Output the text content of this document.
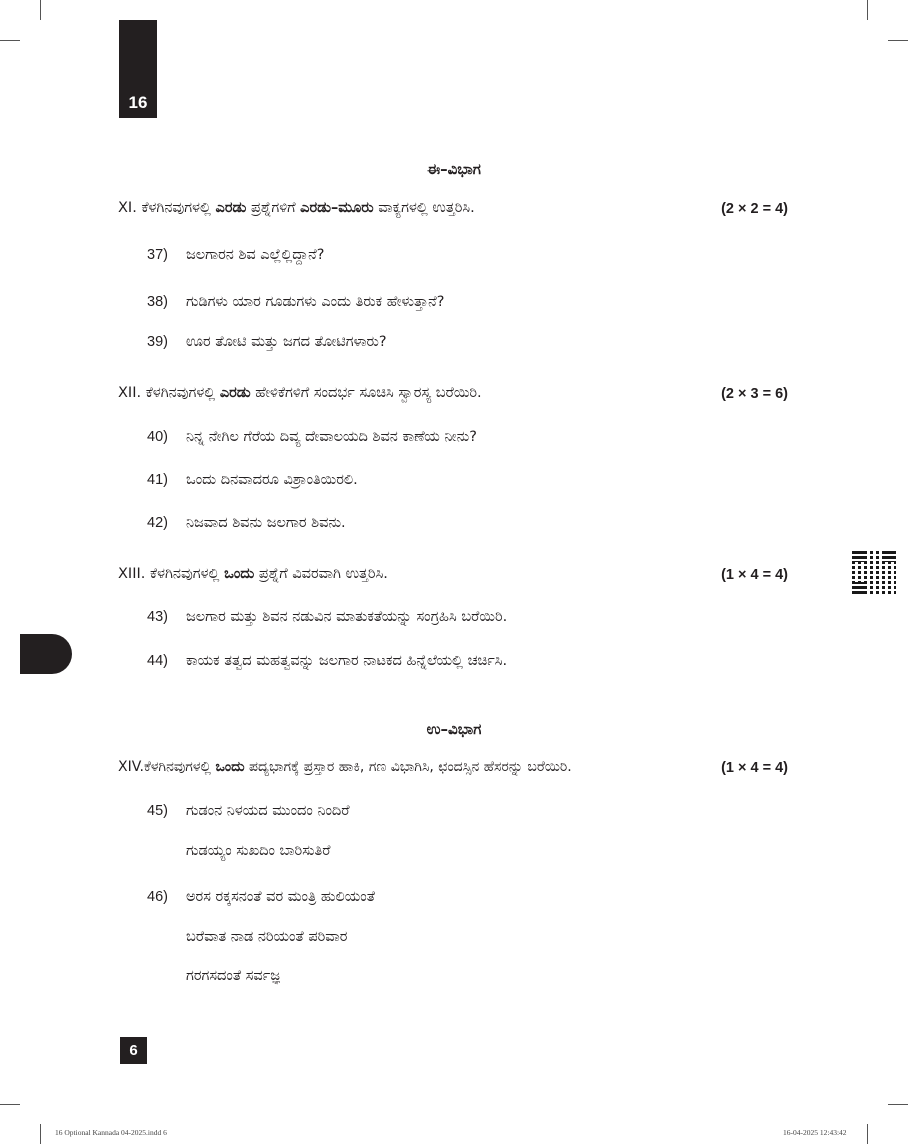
16
ಈ–ವಿಭಾಗ
XI. ಕೆಳಗಿನವುಗಳಲ್ಲಿ ಎರಡು ಪ್ರಶ್ನೆಗಳಿಗೆ ಎರಡು–ಮೂರು ವಾಕ್ಯಗಳಲ್ಲಿ ಉತ್ತರಿಸಿ.	(2 × 2 = 4)
37) ಜಲಗಾರನ ಶಿವ ಎಲ್ಲೆಲ್ಲಿದ್ದಾನೆ?
38) ಗುಡಿಗಳು ಯಾರ ಗೂಡುಗಳು ಎಂದು ತಿರುಕ ಹೇಳುತ್ತಾನೆ?
39) ಊರ ತೋಟಿ ಮತ್ತು ಜಗದ ತೋಟಿಗಳಾರು?
XII. ಕೆಳಗಿನವುಗಳಲ್ಲಿ ಎರಡು ಹೇಳಿಕೆಗಳಿಗೆ ಸಂದರ್ಭ ಸೂಚಿಸಿ ಸ್ವಾರಸ್ಯ ಬರೆಯಿರಿ.	(2 × 3 = 6)
40) ನಿನ್ನ ನೇಗಿಲ ಗೆರೆಯ ದಿವ್ಯ ದೇವಾಲಯದಿ ಶಿವನ ಕಾಣೆಯ ನೀನು?
41) ಒಂದು ದಿನವಾದರೂ ವಿಶ್ರಾಂತಿಯಿರಲಿ.
42) ನಿಜವಾದ ಶಿವನು ಜಲಗಾರ ಶಿವನು.
XIII. ಕೆಳಗಿನವುಗಳಲ್ಲಿ ಒಂದು ಪ್ರಶ್ನೆಗೆ ವಿವರವಾಗಿ ಉತ್ತರಿಸಿ.	(1 × 4 = 4)
43) ಜಲಗಾರ ಮತ್ತು ಶಿವನ ನಡುವಿನ ಮಾತುಕತೆಯನ್ನು ಸಂಗ್ರಹಿಸಿ ಬರೆಯಿರಿ.
44) ಕಾಯಕ ತತ್ವದ ಮಹತ್ವವನ್ನು ಜಲಗಾರ ನಾಟಕದ ಹಿನ್ನೆಲೆಯಲ್ಲಿ ಚರ್ಚಿಸಿ.
ಉ–ವಿಭಾಗ
XIV.ಕೆಳಗಿನವುಗಳಲ್ಲಿ ಒಂದು ಪದ್ಯಭಾಗಕ್ಕೆ ಪ್ರಸ್ತಾರ ಹಾಕಿ, ಗಣ ವಿಭಾಗಿಸಿ, ಛಂದಸ್ಸಿನ ಹೆಸರನ್ನು ಬರೆಯಿರಿ.	(1 × 4 = 4)
45) ಗುಡಂನ ನಿಳಯದ ಮುಂದಂ ನಿಂದಿರೆ
ಗುಡಯ್ಯಂ ಸುಖದಿಂ ಬಾರಿಸುತಿರೆ
46) ಅರಸ ರಕ್ಕಸನಂತೆ ವರ ಮಂತ್ರಿ ಹುಲಿಯಂತೆ
ಬರೆವಾತ ನಾಡ ನರಿಯಂತೆ ಪರಿವಾರ
ಗರಗಸದಂತೆ ಸರ್ವಜ್ಞ
6
16 Optional Kannada 04-2025.indd 6	16-04-2025 12:43:42
